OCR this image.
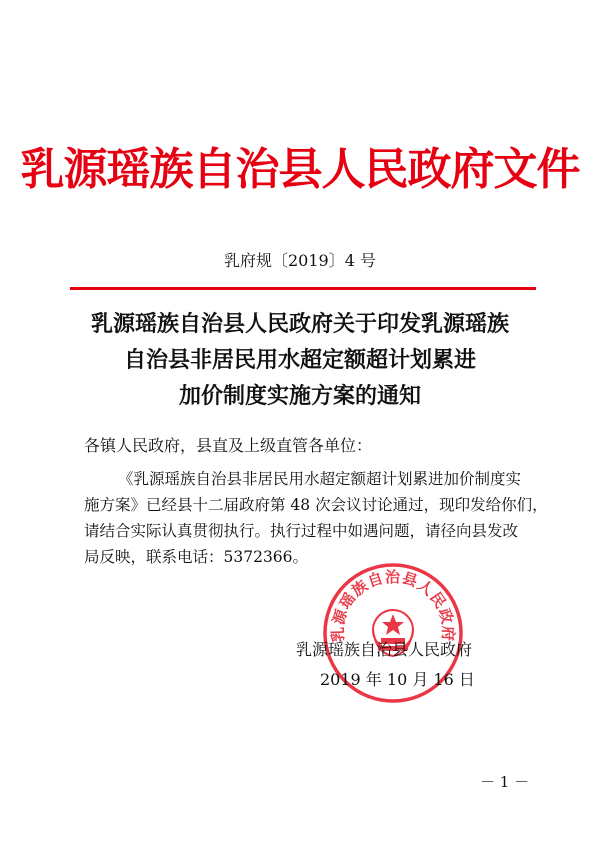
乳源瑶族自治县人民政府文件
乳府规〔2019〕4 号
乳源瑶族自治县人民政府关于印发乳源瑶族
自治县非居民用水超定额超计划累进
加价制度实施方案的通知
各镇人民政府，县直及上级直管各单位：
《乳源瑶族自治县非居民用水超定额超计划累进加价制度实
施方案》已经县十二届政府第 48 次会议讨论通过，现印发给你们，
请结合实际认真贯彻执行。执行过程中如遇问题，请径向县发改
局反映，联系电话：5372366。
乳源瑶族自治县人民政府
乳源瑶族自治县人民政府
2019 年 10 月 16 日
－ 1 －
